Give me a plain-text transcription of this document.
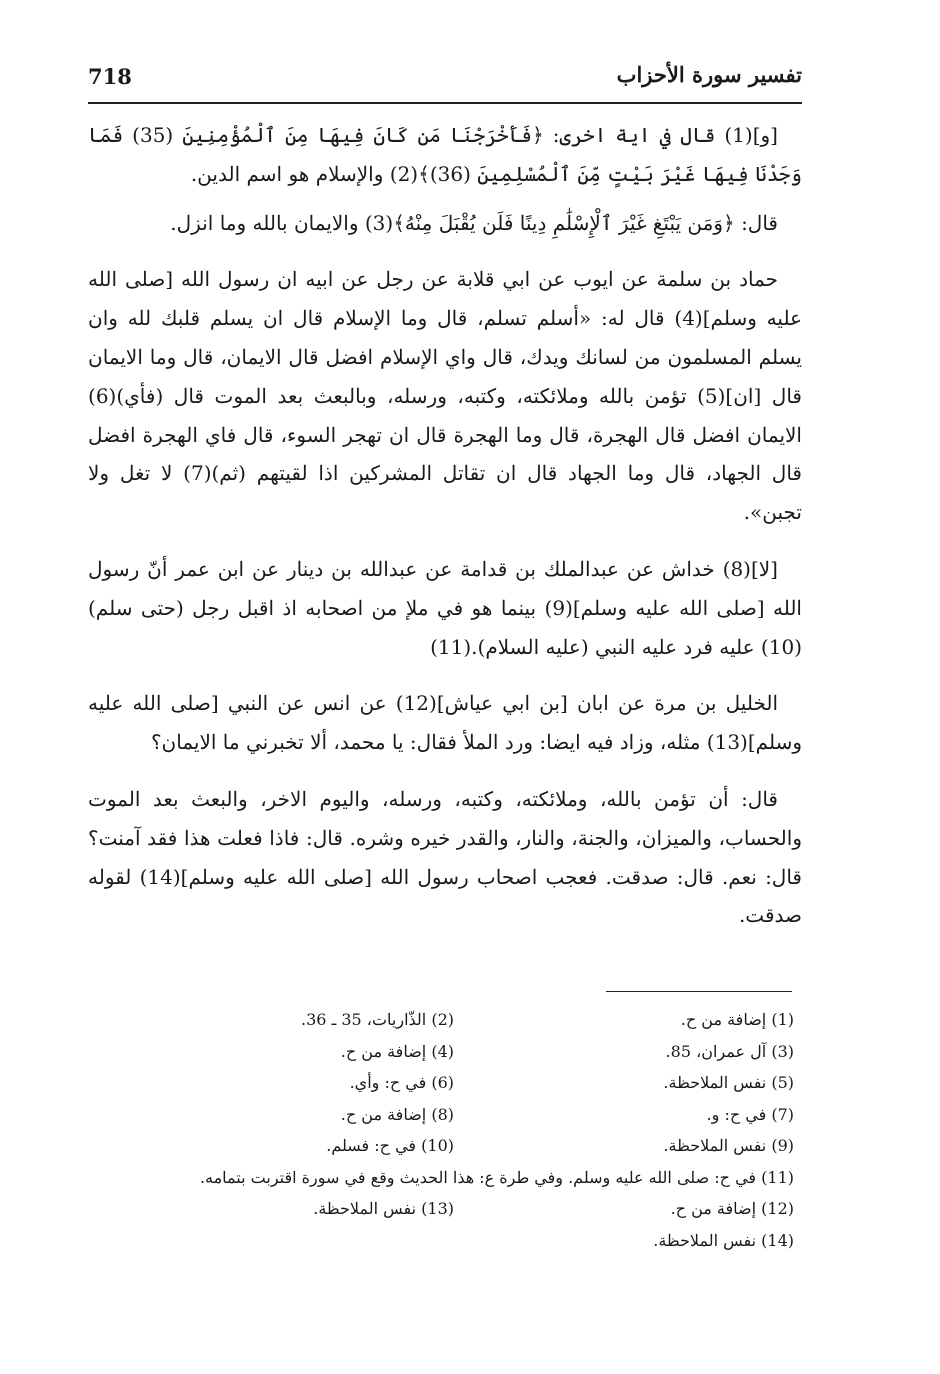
تفسير سورة الأحزاب
718

[و](1) قال في اية اخرى: ﴿فَأَخْرَجْنَا مَن كَانَ فِيهَا مِنَ ٱلْمُؤْمِنِينَ (35) فَمَا وَجَدْنَا فِيهَا غَيْرَ بَيْتٍ مِّنَ ٱلْمُسْلِمِينَ (36)﴾(2) والإسلام هو اسم الدين.

قال: ﴿وَمَن يَبْتَغِ غَيْرَ ٱلْإِسْلَٰمِ دِينًا فَلَن يُقْبَلَ مِنْهُ﴾(3) والايمان بالله وما انزل.

حماد بن سلمة عن ايوب عن ابي قلابة عن رجل عن ابيه ان رسول الله [صلى الله عليه وسلم](4) قال له: «أسلم تسلم، قال وما الإسلام قال ان يسلم قلبك لله وان يسلم المسلمون من لسانك ويدك، قال واي الإسلام افضل قال الايمان، قال وما الايمان قال [ان](5) تؤمن بالله وملائكته، وكتبه، ورسله، وبالبعث بعد الموت قال (فأي)(6) الايمان افضل قال الهجرة، قال وما الهجرة قال ان تهجر السوء، قال فاي الهجرة افضل قال الجهاد، قال وما الجهاد قال ان تقاتل المشركين اذا لقيتهم (ثم)(7) لا تغل ولا تجبن».

[لا](8) خداش عن عبدالملك بن قدامة عن عبدالله بن دينار عن ابن عمر أنّ رسول الله [صلى الله عليه وسلم](9) بينما هو في ملإ من اصحابه اذ اقبل رجل (حتى سلم)(10) عليه فرد عليه النبي (عليه السلام).(11)

الخليل بن مرة عن ابان [بن ابي عياش](12) عن انس عن النبي [صلى الله عليه وسلم](13) مثله، وزاد فيه ايضا: ورد الملأ فقال: يا محمد، ألا تخبرني ما الايمان؟

قال: أن تؤمن بالله، وملائكته، وكتبه، ورسله، واليوم الاخر، والبعث بعد الموت والحساب، والميزان، والجنة، والنار، والقدر خيره وشره. قال: فاذا فعلت هذا فقد آمنت؟ قال: نعم. قال: صدقت. فعجب اصحاب رسول الله [صلى الله عليه وسلم](14) لقوله صدقت.

(1) إضافة من ح.
(2) الذّاريات، 35 ـ 36.
(3) آل عمران، 85.
(4) إضافة من ح.
(5) نفس الملاحظة.
(6) في ح: وأي.
(7) في ح: و.
(8) إضافة من ح.
(9) نفس الملاحظة.
(10) في ح: فسلم.
(11) في ح: صلى الله عليه وسلم. وفي طرة ع: هذا الحديث وقع في سورة اقتربت بتمامه.
(12) إضافة من ح.
(13) نفس الملاحظة.
(14) نفس الملاحظة.
